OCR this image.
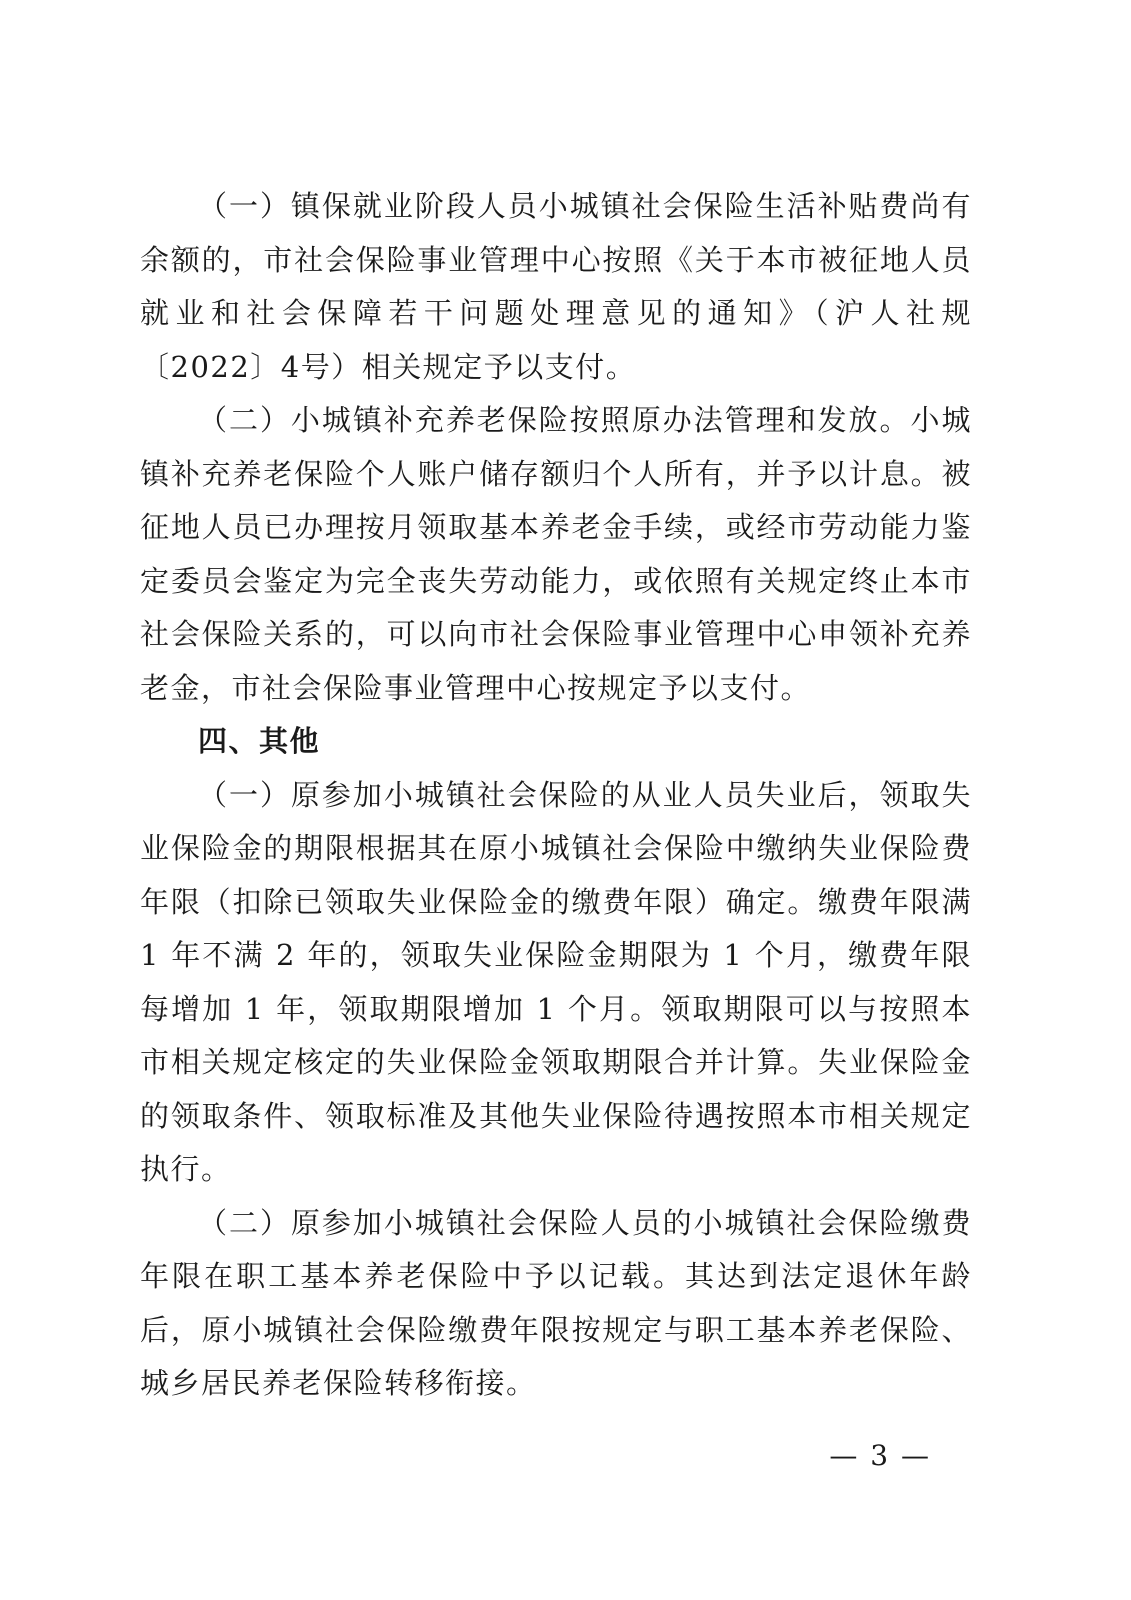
（一）镇保就业阶段人员小城镇社会保险生活补贴费尚有余额的，市社会保险事业管理中心按照《关于本市被征地人员就业和社会保障若干问题处理意见的通知》（沪人社规〔2022〕4号）相关规定予以支付。

（二）小城镇补充养老保险按照原办法管理和发放。小城镇补充养老保险个人账户储存额归个人所有，并予以计息。被征地人员已办理按月领取基本养老金手续，或经市劳动能力鉴定委员会鉴定为完全丧失劳动能力，或依照有关规定终止本市社会保险关系的，可以向市社会保险事业管理中心申领补充养老金，市社会保险事业管理中心按规定予以支付。

四、其他

（一）原参加小城镇社会保险的从业人员失业后，领取失业保险金的期限根据其在原小城镇社会保险中缴纳失业保险费年限（扣除已领取失业保险金的缴费年限）确定。缴费年限满 1 年不满 2 年的，领取失业保险金期限为 1 个月，缴费年限每增加 1 年，领取期限增加 1 个月。领取期限可以与按照本市相关规定核定的失业保险金领取期限合并计算。失业保险金的领取条件、领取标准及其他失业保险待遇按照本市相关规定执行。

（二）原参加小城镇社会保险人员的小城镇社会保险缴费年限在职工基本养老保险中予以记载。其达到法定退休年龄后，原小城镇社会保险缴费年限按规定与职工基本养老保险、城乡居民养老保险转移衔接。

— 3 —
